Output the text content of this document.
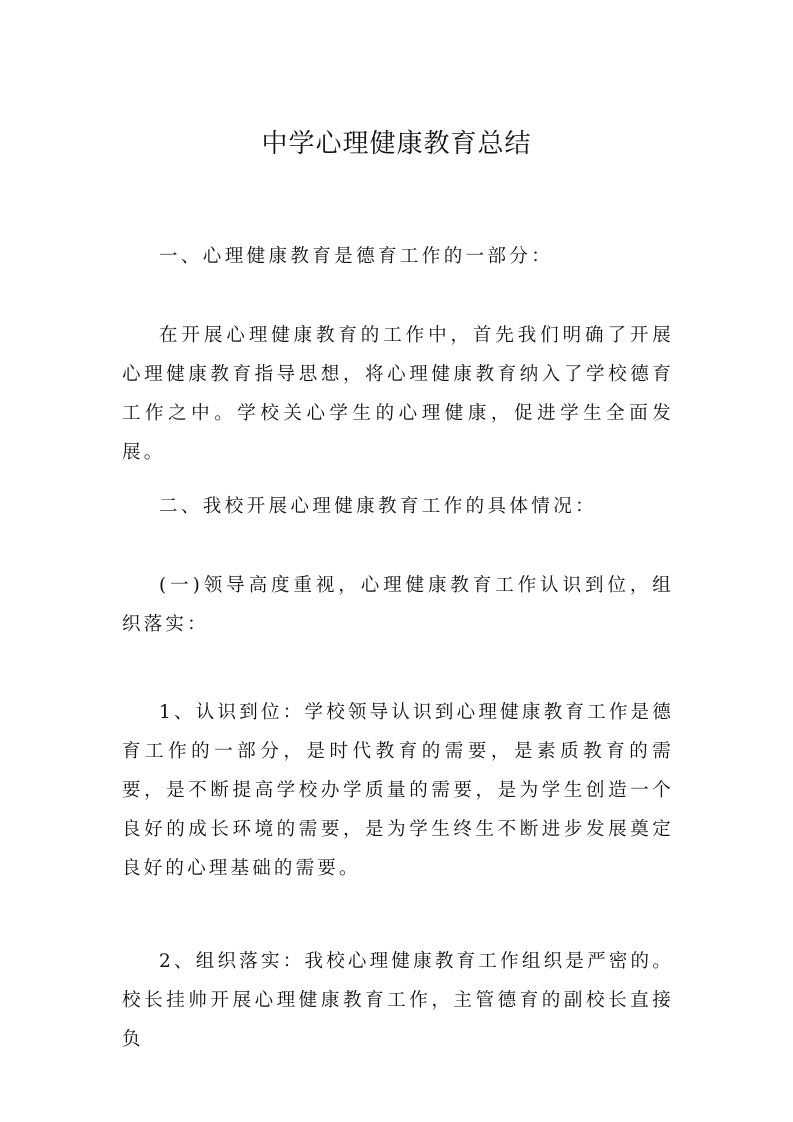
中学心理健康教育总结

一、心理健康教育是德育工作的一部分：

在开展心理健康教育的工作中，首先我们明确了开展心理健康教育指导思想，将心理健康教育纳入了学校德育工作之中。学校关心学生的心理健康，促进学生全面发展。

二、我校开展心理健康教育工作的具体情况：

(一)领导高度重视，心理健康教育工作认识到位，组织落实：

1、认识到位：学校领导认识到心理健康教育工作是德育工作的一部分，是时代教育的需要，是素质教育的需要，是不断提高学校办学质量的需要，是为学生创造一个良好的成长环境的需要，是为学生终生不断进步发展奠定良好的心理基础的需要。

2、组织落实：我校心理健康教育工作组织是严密的。校长挂帅开展心理健康教育工作，主管德育的副校长直接负
